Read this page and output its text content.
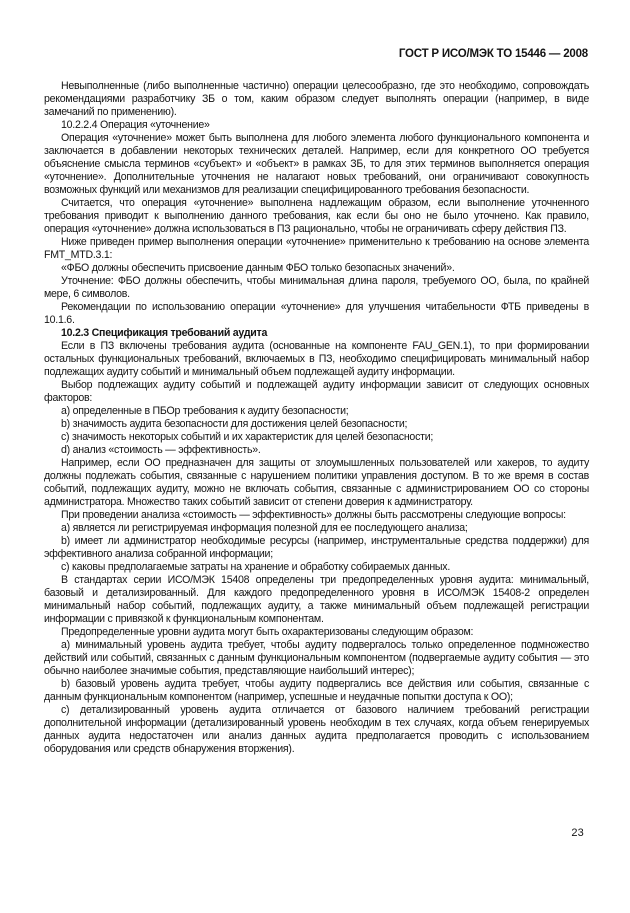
ГОСТ Р ИСО/МЭК ТО 15446 — 2008

Невыполненные (либо выполненные частично) операции целесообразно, где это необходимо, сопровождать рекомендациями разработчику ЗБ о том, каким образом следует выполнять операции (например, в виде замечаний по применению).

10.2.2.4 Операция «уточнение»

Операция «уточнение» может быть выполнена для любого элемента любого функционального компонента и заключается в добавлении некоторых технических деталей. Например, если для конкретного ОО требуется объяснение смысла терминов «субъект» и «объект» в рамках ЗБ, то для этих терминов выполняется операция «уточнение». Дополнительные уточнения не налагают новых требований, они ограничивают совокупность возможных функций или механизмов для реализации специфицированного требования безопасности.

Считается, что операция «уточнение» выполнена надлежащим образом, если выполнение уточненного требования приводит к выполнению данного требования, как если бы оно не было уточнено. Как правило, операция «уточнение» должна использоваться в ПЗ рационально, чтобы не ограничивать сферу действия ПЗ.

Ниже приведен пример выполнения операции «уточнение» применительно к требованию на основе элемента FMT_MTD.3.1:

«ФБО должны обеспечить присвоение данным ФБО только безопасных значений».

Уточнение: ФБО должны обеспечить, чтобы минимальная длина пароля, требуемого ОО, была, по крайней мере, 6 символов.

Рекомендации по использованию операции «уточнение» для улучшения читабельности ФТБ приведены в 10.1.6.

10.2.3 Спецификация требований аудита

Если в ПЗ включены требования аудита (основанные на компоненте FAU_GEN.1), то при формировании остальных функциональных требований, включаемых в ПЗ, необходимо специфицировать минимальный набор подлежащих аудиту событий и минимальный объем подлежащей аудиту информации.

Выбор подлежащих аудиту событий и подлежащей аудиту информации зависит от следующих основных факторов:

a) определенные в ПБОр требования к аудиту безопасности;

b) значимость аудита безопасности для достижения целей безопасности;

c) значимость некоторых событий и их характеристик для целей безопасности;

d) анализ «стоимость — эффективность».

Например, если ОО предназначен для защиты от злоумышленных пользователей или хакеров, то аудиту должны подлежать события, связанные с нарушением политики управления доступом. В то же время в состав событий, подлежащих аудиту, можно не включать события, связанные с администрированием ОО со стороны администратора. Множество таких событий зависит от степени доверия к администратору.

При проведении анализа «стоимость — эффективность» должны быть рассмотрены следующие вопросы:

a) является ли регистрируемая информация полезной для ее последующего анализа;

b) имеет ли администратор необходимые ресурсы (например, инструментальные средства поддержки) для эффективного анализа собранной информации;

c) каковы предполагаемые затраты на хранение и обработку собираемых данных.

В стандартах серии ИСО/МЭК 15408 определены три предопределенных уровня аудита: минимальный, базовый и детализированный. Для каждого предопределенного уровня в ИСО/МЭК 15408-2 определен минимальный набор событий, подлежащих аудиту, а также минимальный объем подлежащей регистрации информации с привязкой к функциональным компонентам.

Предопределенные уровни аудита могут быть охарактеризованы следующим образом:

a) минимальный уровень аудита требует, чтобы аудиту подвергалось только определенное подмножество действий или событий, связанных с данным функциональным компонентом (подвергаемые аудиту события — это обычно наиболее значимые события, представляющие наибольший интерес);

b) базовый уровень аудита требует, чтобы аудиту подвергались все действия или события, связанные с данным функциональным компонентом (например, успешные и неудачные попытки доступа к ОО);

c) детализированный уровень аудита отличается от базового наличием требований регистрации дополнительной информации (детализированный уровень необходим в тех случаях, когда объем генерируемых данных аудита недостаточен или анализ данных аудита предполагается проводить с использованием оборудования или средств обнаружения вторжения).

23
